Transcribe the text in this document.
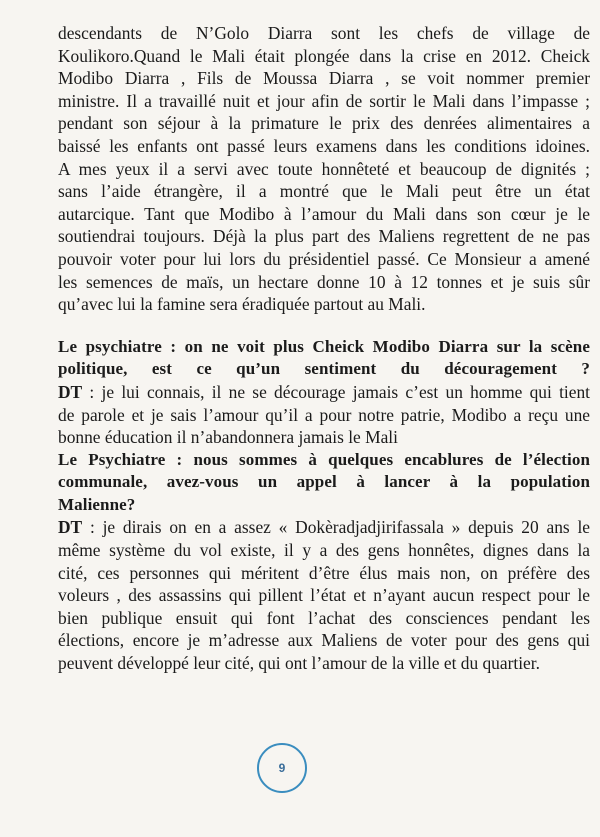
descendants de N’Golo Diarra sont les chefs de village de
Koulikoro.Quand le Mali était plongée dans la crise en 2012. Cheick
Modibo Diarra , Fils de Moussa Diarra , se voit nommer premier
ministre. Il a travaillé nuit et jour afin de sortir le Mali dans l’impasse ;
pendant son séjour à la primature le prix des denrées alimentaires a
baissé les enfants ont passé leurs examens dans les conditions idoines.
A mes yeux il a servi avec toute honnêteté et beaucoup de dignités ;
sans l’aide étrangère, il a montré que le Mali peut être un état
autarcique. Tant que Modibo à l’amour du Mali dans son cœur je le
soutiendrai toujours. Déjà la plus part des Maliens regrettent de ne pas
pouvoir voter pour lui lors du présidentiel passé. Ce Monsieur a amené
les semences de maïs, un hectare donne 10 à 12 tonnes et je suis sûr
qu’avec lui la famine sera éradiquée partout au Mali.
Le psychiatre : on ne voit plus Cheick Modibo Diarra sur la scène
politique, est ce qu’un sentiment du découragement ?
DT : je lui connais, il ne se décourage jamais c’est un homme qui tient
de parole et je sais l’amour qu’il a pour notre patrie, Modibo a reçu une
bonne éducation il n’abandonnera jamais le Mali
Le Psychiatre : nous sommes à quelques encablures de l’élection
communale, avez-vous un appel à lancer à la population
Malienne?
DT : je dirais on en a assez « Dokèradjadjirifassala » depuis 20 ans le
même système du vol existe, il y a des gens honnêtes, dignes dans la
cité, ces personnes qui méritent d’être élus mais non, on préfère des
voleurs , des assassins qui pillent l’état et n’ayant aucun respect pour le
bien publique ensuit qui font l’achat des consciences pendant les
élections, encore je m’adresse aux Maliens de voter pour des gens qui
peuvent développé leur cité, qui ont l’amour de la ville et du quartier.
9
